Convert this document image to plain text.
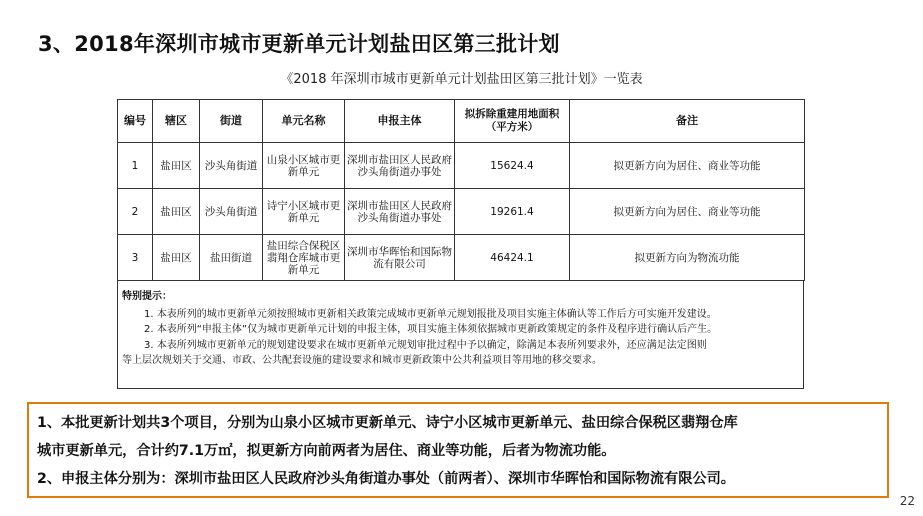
3、2018年深圳市城市更新单元计划盐田区第三批计划
《2018 年深圳市城市更新单元计划盐田区第三批计划》一览表
编号	辖区	街道	单元名称	申报主体	拟拆除重建用地面积（平方米）	备注
1	盐田区	沙头角街道	山泉小区城市更新单元	深圳市盐田区人民政府沙头角街道办事处	15624.4	拟更新方向为居住、商业等功能
2	盐田区	沙头角街道	诗宁小区城市更新单元	深圳市盐田区人民政府沙头角街道办事处	19261.4	拟更新方向为居住、商业等功能
3	盐田区	盐田街道	盐田综合保税区翡翔仓库城市更新单元	深圳市华晖怡和国际物流有限公司	46424.1	拟更新方向为物流功能
特别提示：
1. 本表所列的城市更新单元须按照城市更新相关政策完成城市更新单元规划报批及项目实施主体确认等工作后方可实施开发建设。
2. 本表所列“申报主体”仅为城市更新单元计划的申报主体，项目实施主体须依据城市更新政策规定的条件及程序进行确认后产生。
3. 本表所列城市更新单元的规划建设要求在城市更新单元规划审批过程中予以确定，除满足本表所列要求外，还应满足法定图则
等上层次规划关于交通、市政、公共配套设施的建设要求和城市更新政策中公共利益项目等用地的移交要求。
1、本批更新计划共3个项目，分别为山泉小区城市更新单元、诗宁小区城市更新单元、盐田综合保税区翡翔仓库
城市更新单元，合计约7.1万㎡，拟更新方向前两者为居住、商业等功能，后者为物流功能。
2、申报主体分别为：深圳市盐田区人民政府沙头角街道办事处（前两者）、深圳市华晖怡和国际物流有限公司。
22
